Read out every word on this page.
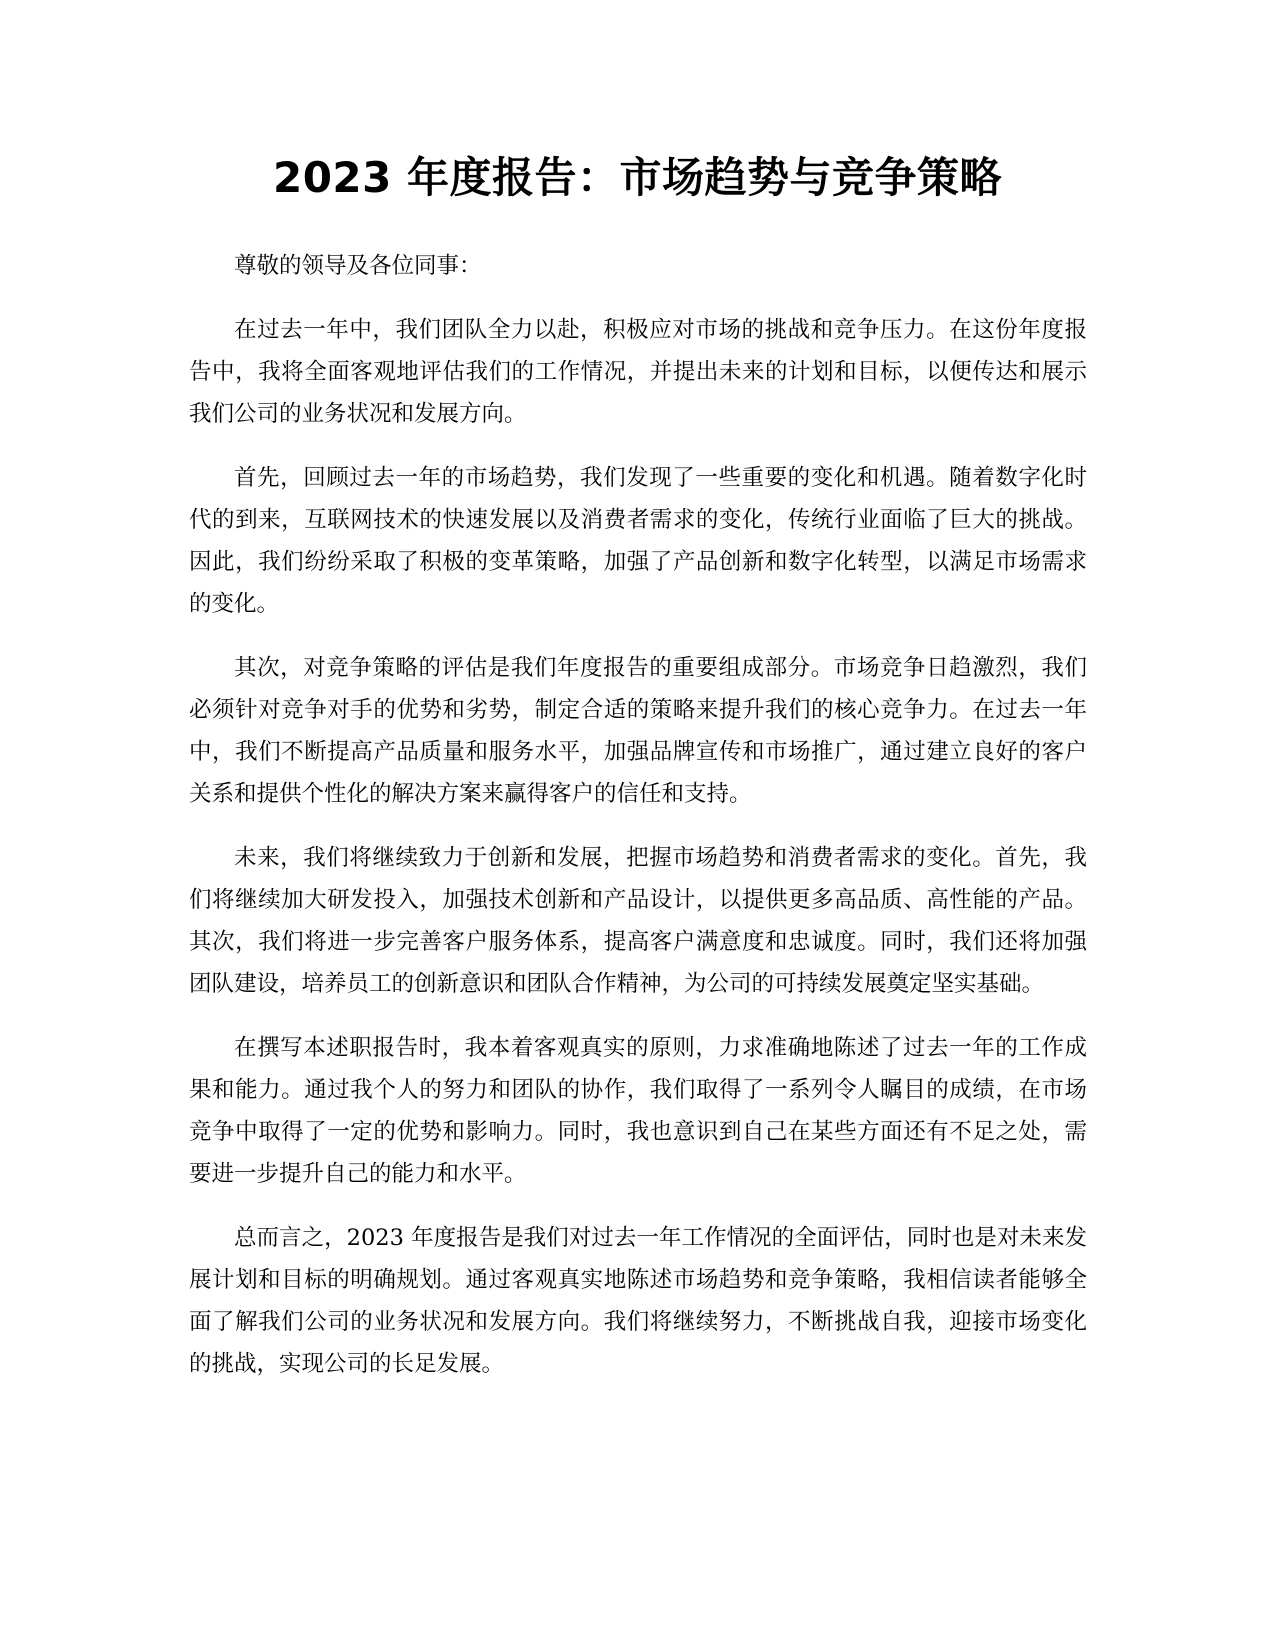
2023 年度报告：市场趋势与竞争策略

尊敬的领导及各位同事：

在过去一年中，我们团队全力以赴，积极应对市场的挑战和竞争压力。在这份年度报告中，我将全面客观地评估我们的工作情况，并提出未来的计划和目标，以便传达和展示我们公司的业务状况和发展方向。

首先，回顾过去一年的市场趋势，我们发现了一些重要的变化和机遇。随着数字化时代的到来，互联网技术的快速发展以及消费者需求的变化，传统行业面临了巨大的挑战。因此，我们纷纷采取了积极的变革策略，加强了产品创新和数字化转型，以满足市场需求的变化。

其次，对竞争策略的评估是我们年度报告的重要组成部分。市场竞争日趋激烈，我们必须针对竞争对手的优势和劣势，制定合适的策略来提升我们的核心竞争力。在过去一年中，我们不断提高产品质量和服务水平，加强品牌宣传和市场推广，通过建立良好的客户关系和提供个性化的解决方案来赢得客户的信任和支持。

未来，我们将继续致力于创新和发展，把握市场趋势和消费者需求的变化。首先，我们将继续加大研发投入，加强技术创新和产品设计，以提供更多高品质、高性能的产品。其次，我们将进一步完善客户服务体系，提高客户满意度和忠诚度。同时，我们还将加强团队建设，培养员工的创新意识和团队合作精神，为公司的可持续发展奠定坚实基础。

在撰写本述职报告时，我本着客观真实的原则，力求准确地陈述了过去一年的工作成果和能力。通过我个人的努力和团队的协作，我们取得了一系列令人瞩目的成绩，在市场竞争中取得了一定的优势和影响力。同时，我也意识到自己在某些方面还有不足之处，需要进一步提升自己的能力和水平。

总而言之，2023 年度报告是我们对过去一年工作情况的全面评估，同时也是对未来发展计划和目标的明确规划。通过客观真实地陈述市场趋势和竞争策略，我相信读者能够全面了解我们公司的业务状况和发展方向。我们将继续努力，不断挑战自我，迎接市场变化的挑战，实现公司的长足发展。
